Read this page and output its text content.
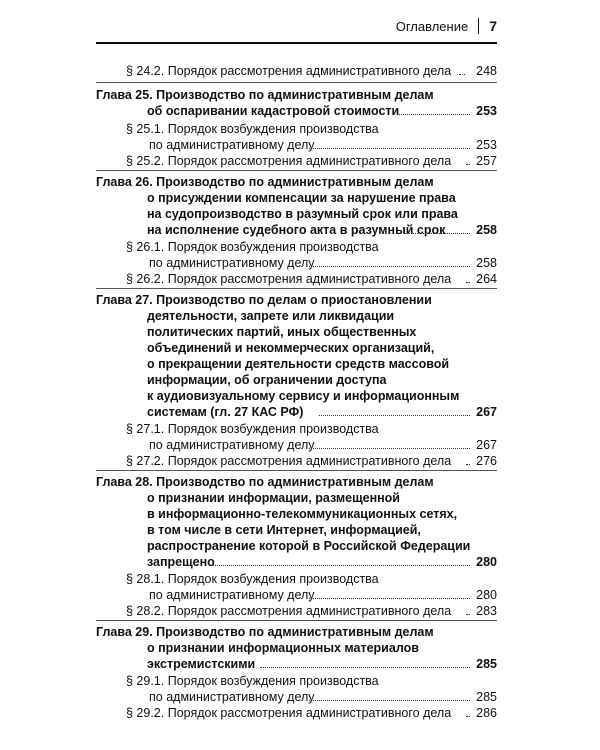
Оглавление 7
§ 24.2. Порядок рассмотрения административного дела 248
Глава 25. Производство по административным делам
об оспаривании кадастровой стоимости	253
§ 25.1. Порядок возбуждения производства
по административному делу	253
§ 25.2. Порядок рассмотрения административного дела 257
Глава 26. Производство по административным делам
о присуждении компенсации за нарушение права
на судопроизводство в разумный срок или права
на исполнение судебного акта в разумный срок 258
§ 26.1. Порядок возбуждения производства
по административному делу	258
§ 26.2. Порядок рассмотрения административного дела 264
Глава 27. Производство по делам о приостановлении
деятельности, запрете или ликвидации
политических партий, иных общественных
объединений и некоммерческих организаций,
о прекращении деятельности средств массовой
информации, об ограничении доступа
к аудиовизуальному сервису и информационным
системам (гл. 27 КАС РФ)	267
§ 27.1. Порядок возбуждения производства
по административному делу	267
§ 27.2. Порядок рассмотрения административного дела 276
Глава 28. Производство по административным делам
о признании информации, размещенной
в информационно-телекоммуникационных сетях,
в том числе в сети Интернет, информацией,
распространение которой в Российской Федерации
запрещено	280
§ 28.1. Порядок возбуждения производства
по административному делу	280
§ 28.2. Порядок рассмотрения административного дела 283
Глава 29. Производство по административным делам
о признании информационных материалов
экстремистскими	285
§ 29.1. Порядок возбуждения производства
по административному делу	285
§ 29.2. Порядок рассмотрения административного дела 286
